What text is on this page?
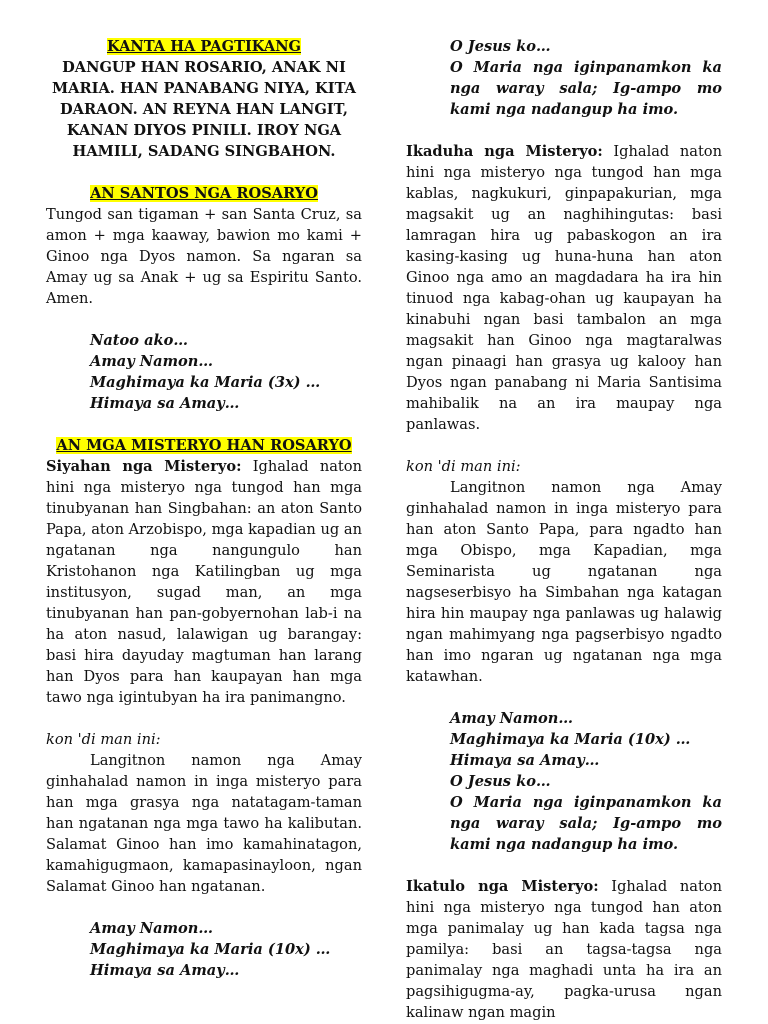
KANTA HA PAGTIKANG

DANGUP HAN ROSARIO, ANAK NI

MARIA. HAN PANABANG NIYA, KITA

DARAON. AN REYNA HAN LANGIT,

KANAN DIYOS PINILI. IROY NGA

HAMILI, SADANG SINGBAHON.

AN SANTOS NGA ROSARYO

Tungod san tigaman + san Santa Cruz, sa amon + mga kaaway, bawion mo kami + Ginoo nga Dyos namon. Sa ngaran sa Amay ug sa Anak + ug sa Espiritu Santo. Amen.

Natoo ako…

Amay Namon…

Maghimaya ka Maria (3x) …

Himaya sa Amay…

AN MGA MISTERYO HAN ROSARYO

Siyahan nga Misteryo: Ighalad naton hini nga misteryo nga tungod han mga tinubyanan han Singbahan: an aton Santo Papa, aton Arzobispo, mga kapadian ug an ngatanan nga nangungulo han Kristohanon nga Katilingban ug mga institusyon, sugad man, an mga tinubyanan han pan-gobyernohan lab-i na ha aton nasud, lalawigan ug barangay: basi hira dayuday magtuman han larang han Dyos para han kaupayan han mga tawo nga igintubyan ha ira panimangno.

kon 'di man ini:

Langitnon namon nga Amay ginhahalad namon in inga misteryo para han mga grasya nga natatagam-taman han ngatanan nga mga tawo ha kalibutan. Salamat Ginoo han imo kamahinatagon, kamahigugmaon, kamapasinayloon, ngan Salamat Ginoo han ngatanan.

Amay Namon…

Maghimaya ka Maria (10x) …

Himaya sa Amay…

O Jesus ko…

O Maria nga iginpanamkon ka nga waray sala; Ig-ampo mo kami nga nadangup ha imo.

Ikaduha nga Misteryo: Ighalad naton hini nga misteryo nga tungod han mga kablas, nagkukuri, ginpapakurian, mga magsakit ug an naghihingutas: basi lamragan hira ug pabaskogon an ira kasing-kasing ug huna-huna han aton Ginoo nga amo an magdadara ha ira hin tinuod nga kabag-ohan ug kaupayan ha kinabuhi ngan basi tambalon an mga magsakit han Ginoo nga magtaralwas ngan pinaagi han grasya ug kalooy han Dyos ngan panabang ni Maria Santisima mahibalik na an ira maupay nga panlawas.

kon 'di man ini:

Langitnon namon nga Amay ginhahalad namon in inga misteryo para han aton Santo Papa, para ngadto han mga Obispo, mga Kapadian, mga Seminarista ug ngatanan nga nagseserbisyo ha Simbahan nga katagan hira hin maupay nga panlawas ug halawig ngan mahimyang nga pagserbisyo ngadto han imo ngaran ug ngatanan nga mga katawhan.

Amay Namon…

Maghimaya ka Maria (10x) …

Himaya sa Amay…

O Jesus ko…

O Maria nga iginpanamkon ka nga waray sala; Ig-ampo mo kami nga nadangup ha imo.

Ikatulo nga Misteryo: Ighalad naton hini nga misteryo nga tungod han aton mga panimalay ug han kada tagsa nga pamilya: basi an tagsa-tagsa nga panimalay nga maghadi unta ha ira an pagsihigugma-ay, pagka-urusa ngan kalinaw ngan magin
